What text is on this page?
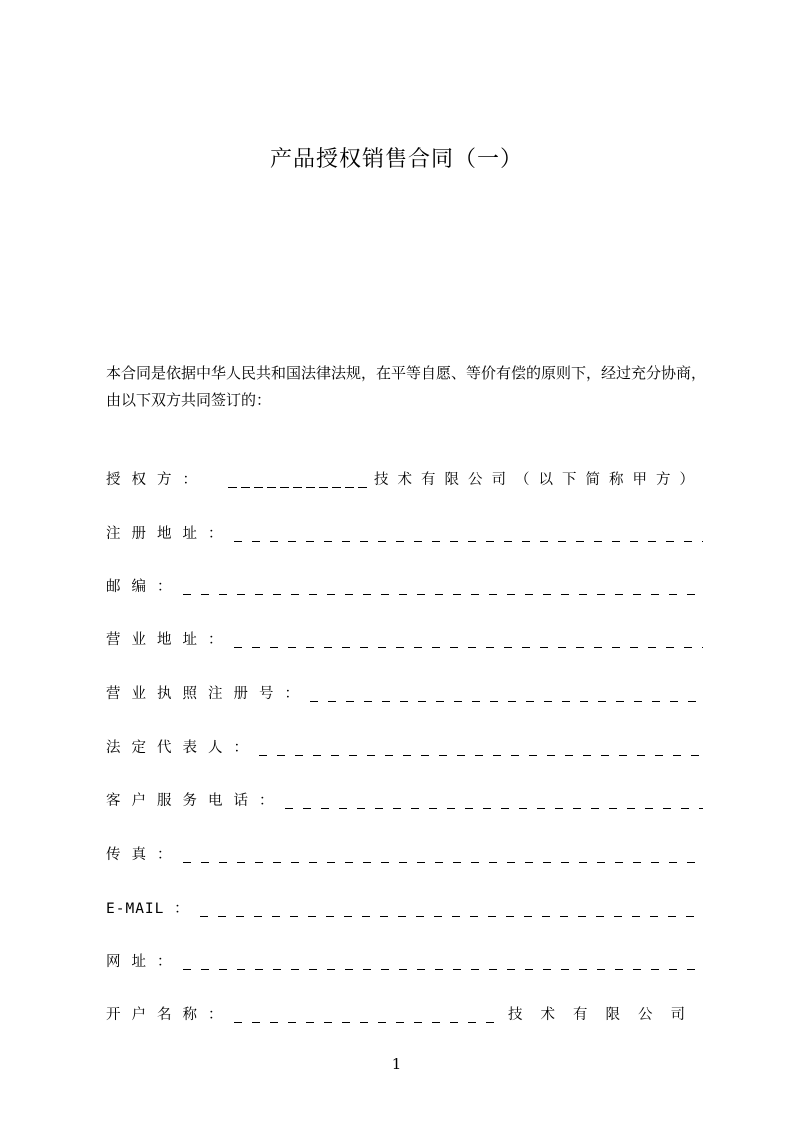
产品授权销售合同（一）

本合同是依据中华人民共和国法律法规，在平等自愿、等价有偿的原则下，经过充分协商，由以下双方共同签订的：

授权方：	技术有限公司（以下简称甲方）
注册地址：
邮编：
营业地址：
营业执照注册号：
法定代表人：
客户服务电话：
传真：
E-MAIL ：
网址：
开户名称：	技术有限公司
1
